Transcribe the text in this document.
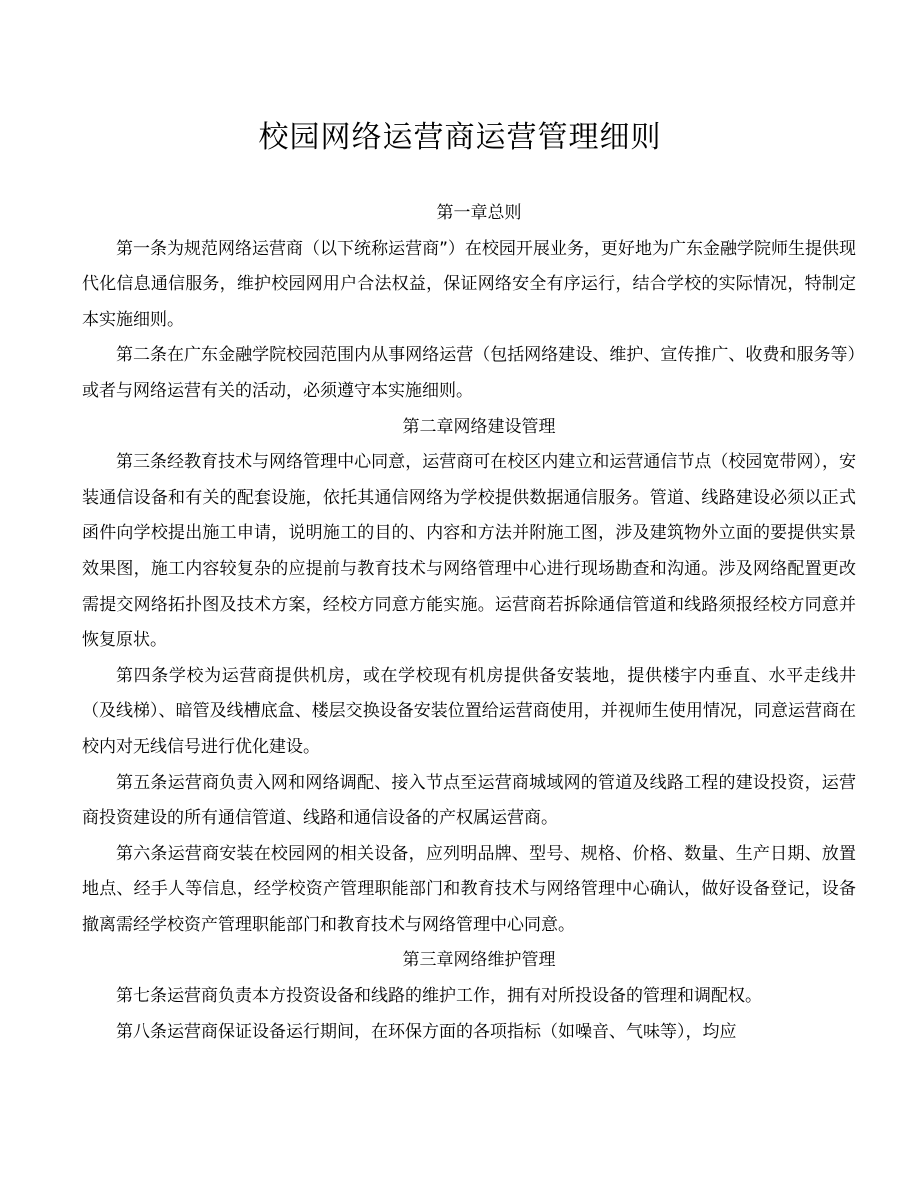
校园网络运营商运营管理细则

第一章总则

第一条为规范网络运营商（以下统称运营商”）在校园开展业务，更好地为广东金融学院师生提供现代化信息通信服务，维护校园网用户合法权益，保证网络安全有序运行，结合学校的实际情况，特制定本实施细则。

第二条在广东金融学院校园范围内从事网络运营（包括网络建设、维护、宣传推广、收费和服务等）或者与网络运营有关的活动，必须遵守本实施细则。

第二章网络建设管理

第三条经教育技术与网络管理中心同意，运营商可在校区内建立和运营通信节点（校园宽带网），安装通信设备和有关的配套设施，依托其通信网络为学校提供数据通信服务。管道、线路建设必须以正式函件向学校提出施工申请，说明施工的目的、内容和方法并附施工图，涉及建筑物外立面的要提供实景效果图，施工内容较复杂的应提前与教育技术与网络管理中心进行现场勘查和沟通。涉及网络配置更改需提交网络拓扑图及技术方案，经校方同意方能实施。运营商若拆除通信管道和线路须报经校方同意并恢复原状。

第四条学校为运营商提供机房，或在学校现有机房提供备安装地，提供楼宇内垂直、水平走线井（及线梯）、暗管及线槽底盒、楼层交换设备安装位置给运营商使用，并视师生使用情况，同意运营商在校内对无线信号进行优化建设。

第五条运营商负责入网和网络调配、接入节点至运营商城域网的管道及线路工程的建设投资，运营商投资建设的所有通信管道、线路和通信设备的产权属运营商。

第六条运营商安装在校园网的相关设备，应列明品牌、型号、规格、价格、数量、生产日期、放置地点、经手人等信息，经学校资产管理职能部门和教育技术与网络管理中心确认，做好设备登记，设备撤离需经学校资产管理职能部门和教育技术与网络管理中心同意。

第三章网络维护管理

第七条运营商负责本方投资设备和线路的维护工作，拥有对所投设备的管理和调配权。

第八条运营商保证设备运行期间，在环保方面的各项指标（如噪音、气味等），均应
